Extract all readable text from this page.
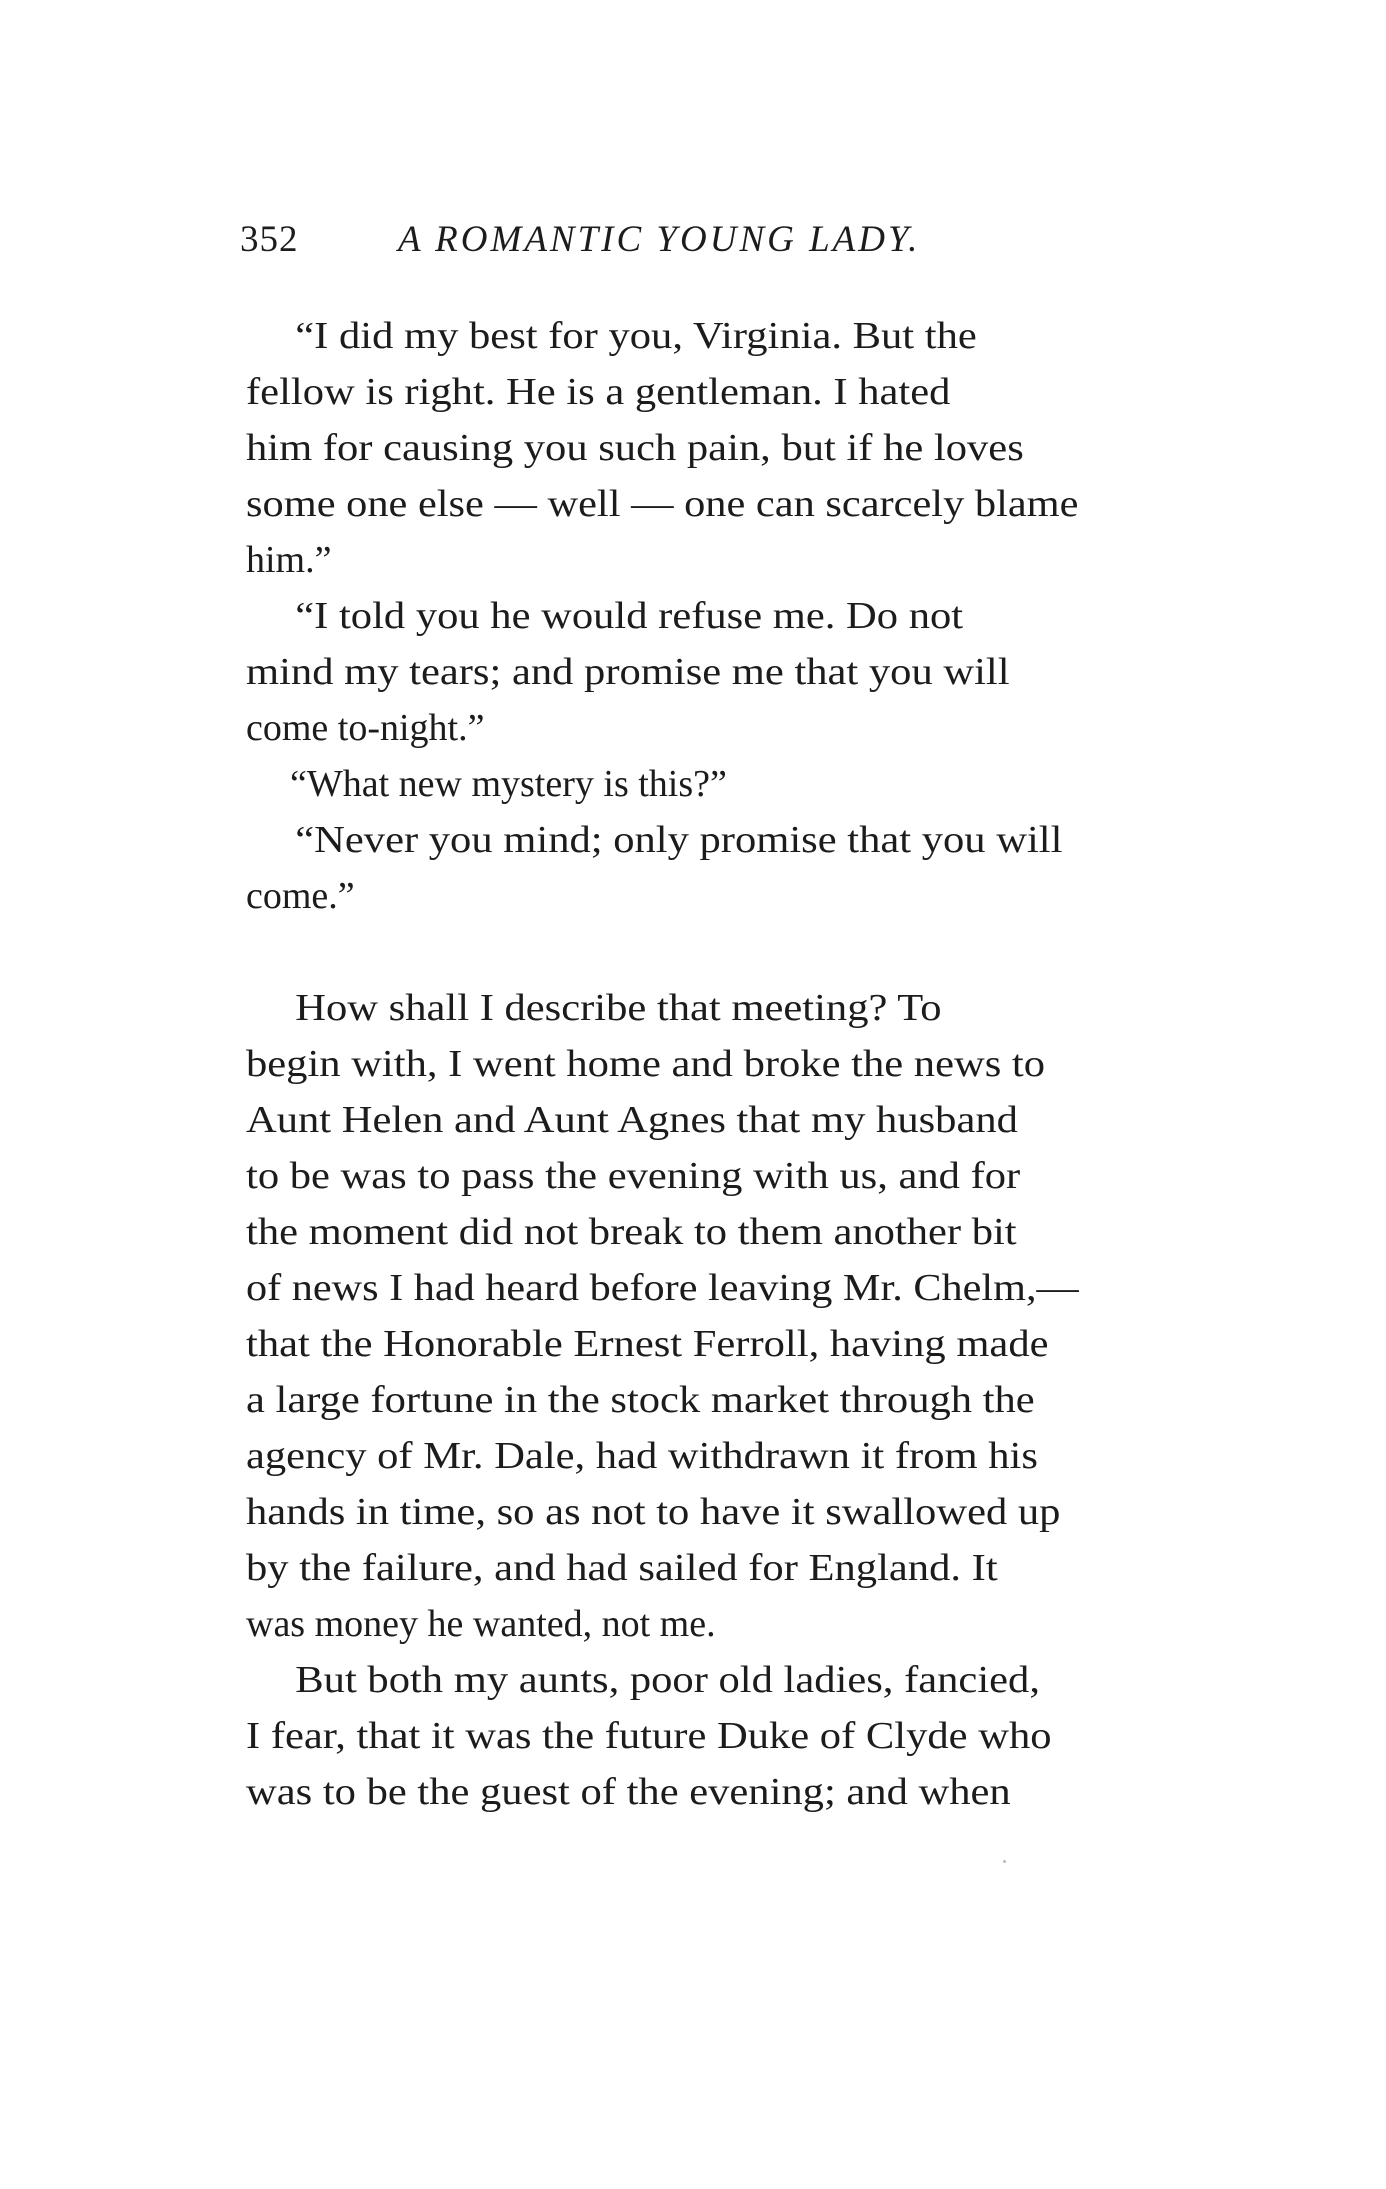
352	A ROMANTIC YOUNG LADY.
“I did my best for you, Virginia. But the
fellow is right. He is a gentleman. I hated
him for causing you such pain, but if he loves
some one else — well — one can scarcely blame
him.”
“I told you he would refuse me. Do not
mind my tears; and promise me that you will
come to-night.”
“What new mystery is this?”
“Never you mind; only promise that you will
come.”
How shall I describe that meeting? To
begin with, I went home and broke the news to
Aunt Helen and Aunt Agnes that my husband
to be was to pass the evening with us, and for
the moment did not break to them another bit
of news I had heard before leaving Mr. Chelm,—
that the Honorable Ernest Ferroll, having made
a large fortune in the stock market through the
agency of Mr. Dale, had withdrawn it from his
hands in time, so as not to have it swallowed up
by the failure, and had sailed for England. It
was money he wanted, not me.
But both my aunts, poor old ladies, fancied,
I fear, that it was the future Duke of Clyde who
was to be the guest of the evening; and when
